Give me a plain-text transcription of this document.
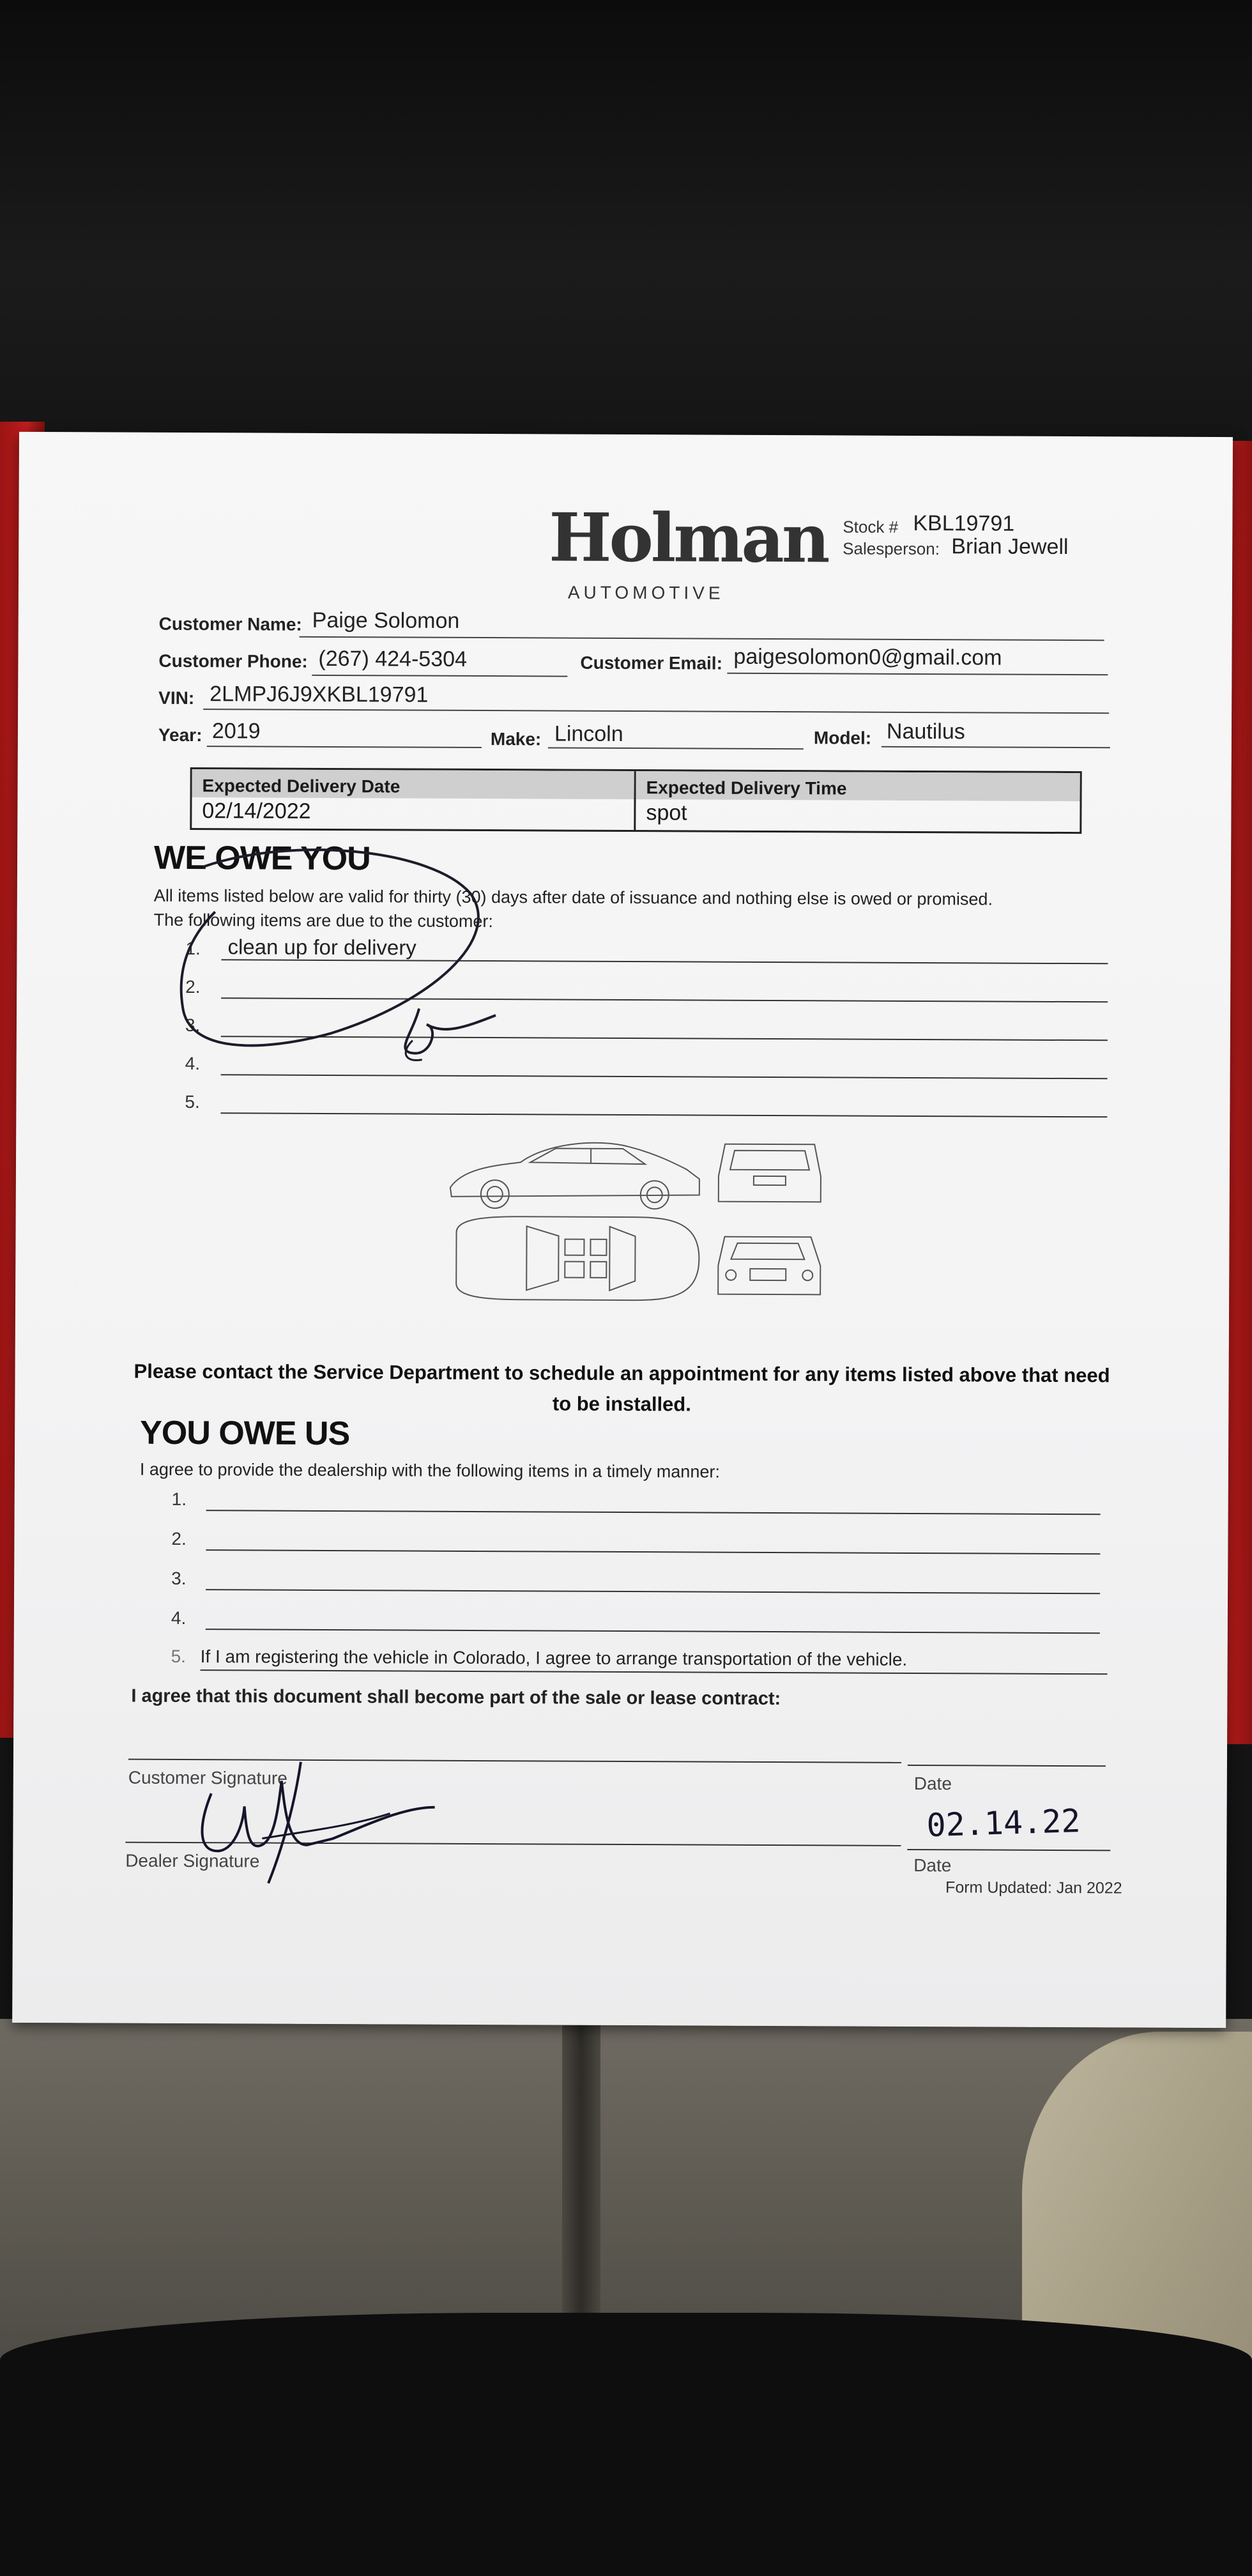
Holman
AUTOMOTIVE
Stock # KBL19791
Salesperson: Brian Jewell
Customer Name: Paige Solomon
Customer Phone: (267) 424-5304	Customer Email: paigesolomon0@gmail.com
VIN: 2LMPJ6J9XKBL19791
Year: 2019	Make: Lincoln	Model: Nautilus
Expected Delivery Date
02/14/2022
Expected Delivery Time
spot
WE OWE YOU
All items listed below are valid for thirty (30) days after date of issuance and nothing else is owed or promised.
The following items are due to the customer:
1. clean up for delivery
2.
3.
4.
5.
Please contact the Service Department to schedule an appointment for any items listed above that need to be installed.
YOU OWE US
I agree to provide the dealership with the following items in a timely manner:
1.
2.
3.
4.
5. If I am registering the vehicle in Colorado, I agree to arrange transportation of the vehicle.
I agree that this document shall become part of the sale or lease contract:
Customer Signature	Date
Dealer Signature	Date
02.14.22
Form Updated: Jan 2022
